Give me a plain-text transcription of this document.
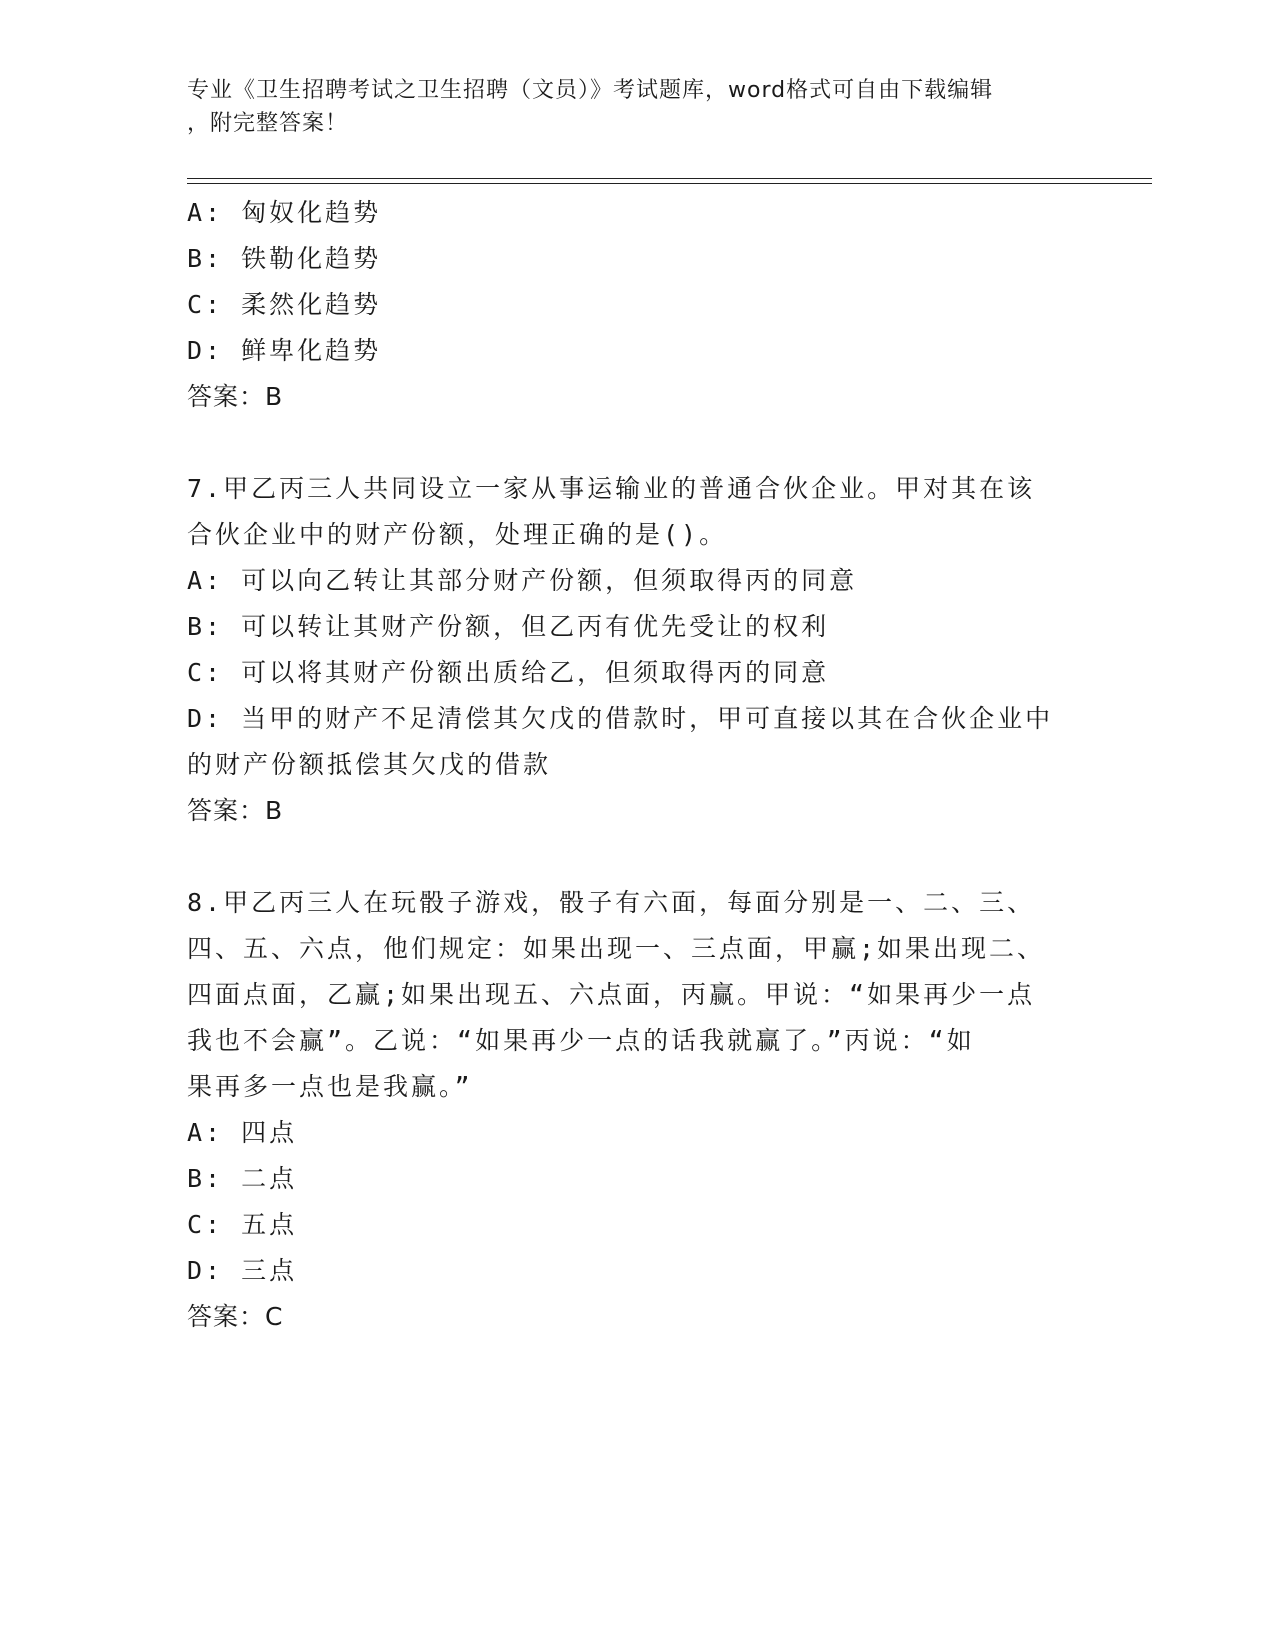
专业《卫生招聘考试之卫生招聘（文员）》考试题库，word格式可自由下载编辑
，附完整答案！

A: 匈奴化趋势

B: 铁勒化趋势

C: 柔然化趋势

D: 鲜卑化趋势

答案：B

7.甲乙丙三人共同设立一家从事运输业的普通合伙企业。甲对其在该

合伙企业中的财产份额，处理正确的是()。

A: 可以向乙转让其部分财产份额，但须取得丙的同意

B: 可以转让其财产份额，但乙丙有优先受让的权利

C: 可以将其财产份额出质给乙，但须取得丙的同意

D: 当甲的财产不足清偿其欠戊的借款时，甲可直接以其在合伙企业中

的财产份额抵偿其欠戊的借款

答案：B

8.甲乙丙三人在玩骰子游戏，骰子有六面，每面分别是一、二、三、

四、五、六点，他们规定：如果出现一、三点面，甲赢;如果出现二、

四面点面，乙赢;如果出现五、六点面，丙赢。甲说：“如果再少一点

我也不会赢”。乙说：“如果再少一点的话我就赢了。”丙说：“如

果再多一点也是我赢。”

A: 四点

B: 二点

C: 五点

D: 三点

答案：C
